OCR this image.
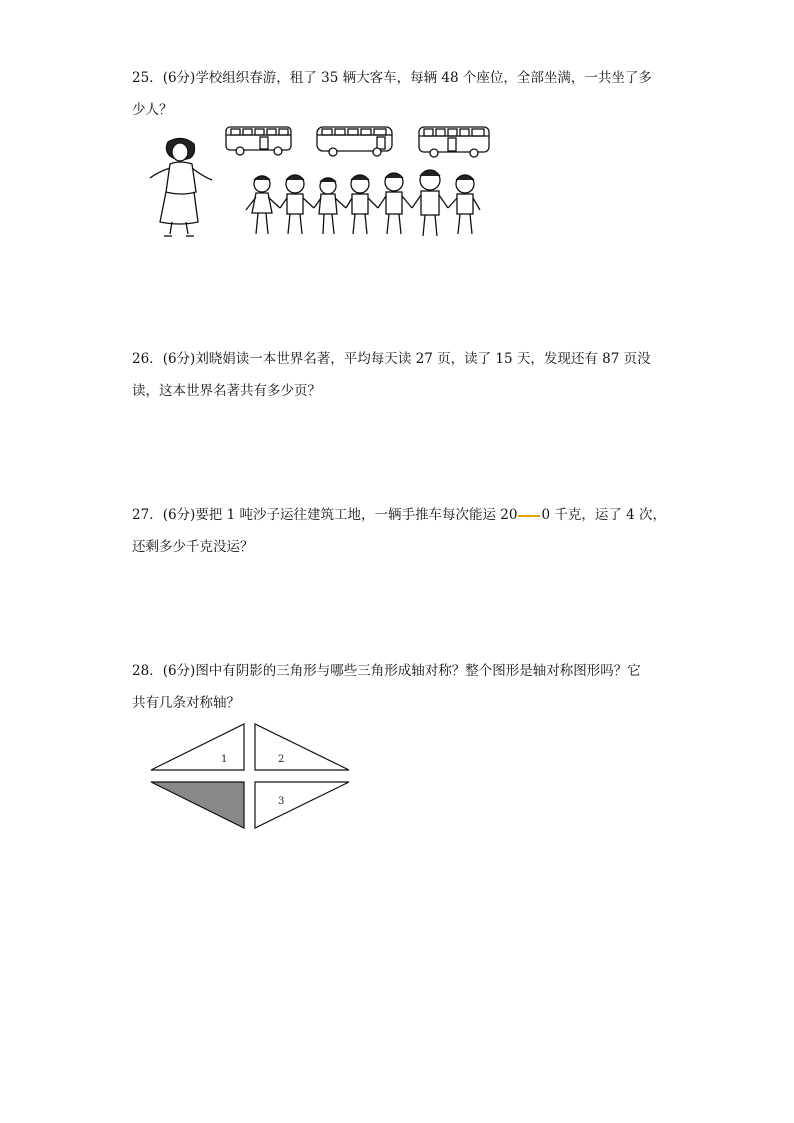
25．(6分)学校组织春游，租了 35 辆大客车，每辆 48 个座位，全部坐满，一共坐了多

少人？

26．(6分)刘晓娟读一本世界名著，平均每天读 27 页，读了 15 天，发现还有 87 页没

读，这本世界名著共有多少页？

27．(6分)要把 1 吨沙子运往建筑工地，一辆手推车每次能运 20 0 千克，运了 4 次，

还剩多少千克没运？

28．(6分)图中有阴影的三角形与哪些三角形成轴对称？整个图形是轴对称图形吗？它

共有几条对称轴？

1	2
3
